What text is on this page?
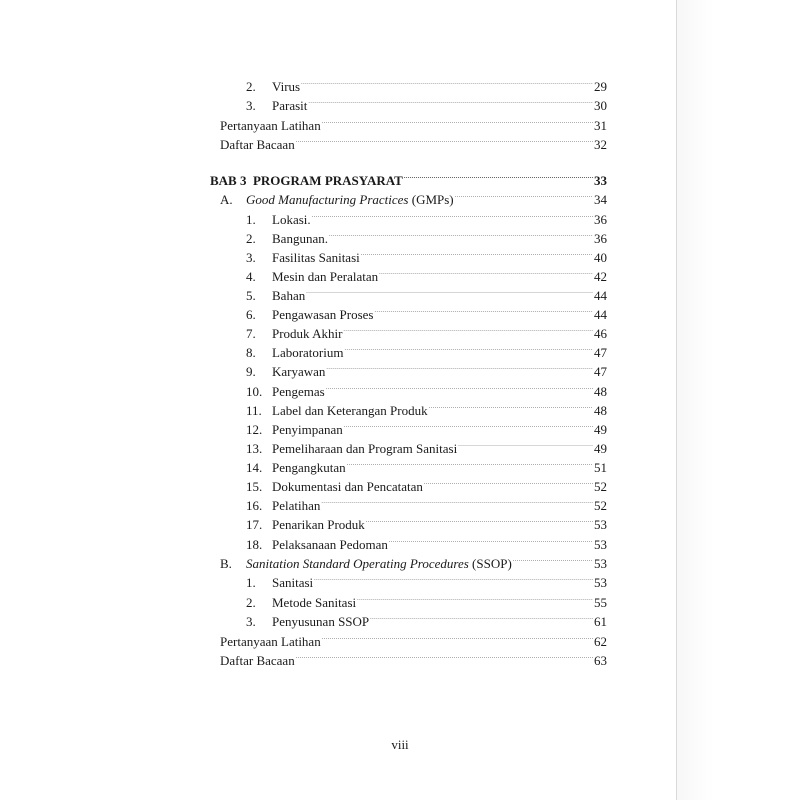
2.	Virus .....	29
3.	Parasit .....	30
Pertanyaan Latihan .....	31
Daftar Bacaan .....	32
BAB 3  PROGRAM PRASYARAT .....	33
A.	Good Manufacturing Practices (GMPs) .....	34
1.	Lokasi. .....	36
2.	Bangunan. .....	36
3.	Fasilitas Sanitasi .....	40
4.	Mesin dan Peralatan .....	42
5.	Bahan .....	44
6.	Pengawasan Proses .....	44
7.	Produk Akhir .....	46
8.	Laboratorium .....	47
9.	Karyawan .....	47
10. Pengemas .....	48
11. Label dan Keterangan Produk .....	48
12. Penyimpanan .....	49
13. Pemeliharaan dan Program Sanitasi .....	49
14. Pengangkutan .....	51
15. Dokumentasi dan Pencatatan .....	52
16. Pelatihan .....	52
17. Penarikan Produk .....	53
18. Pelaksanaan Pedoman .....	53
B.	Sanitation Standard Operating Procedures (SSOP) .....	53
1.	Sanitasi .....	53
2.	Metode Sanitasi .....	55
3.	Penyusunan SSOP .....	61
Pertanyaan Latihan .....	62
Daftar Bacaan .....	63
viii
